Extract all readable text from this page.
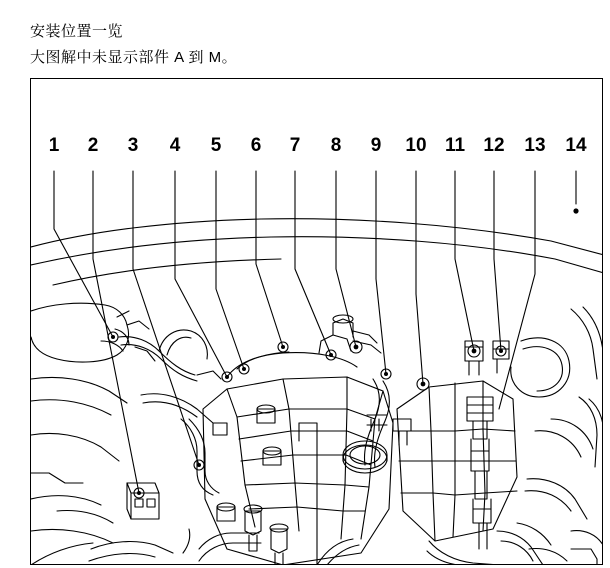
安装位置一览
大图解中未显示部件 A 到 M。
1 2 3 4 5 6 7 8 9 10 11 12 13 14
